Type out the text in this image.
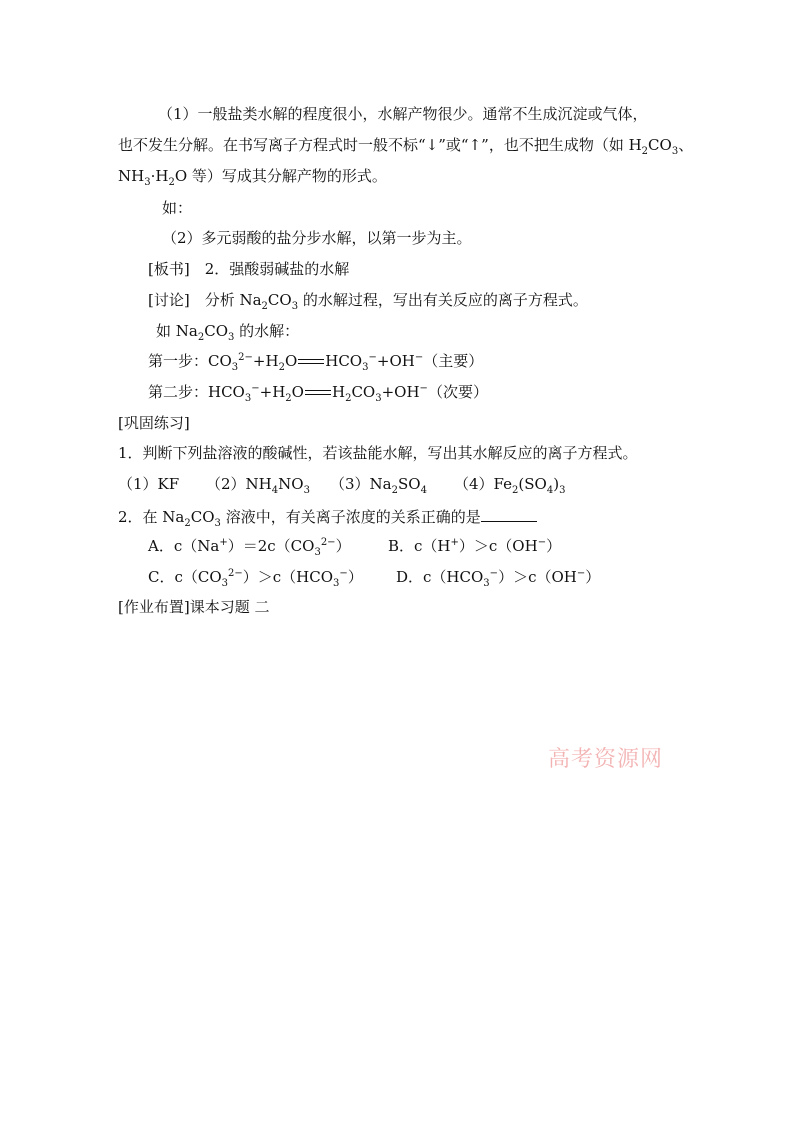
（1）一般盐类水解的程度很小，水解产物很少。通常不生成沉淀或气体，
也不发生分解。在书写离子方程式时一般不标“↓”或“↑”，也不把生成物（如 $H_2CO_3$、
$NH_3\cdot H_2O$ 等）写成其分解产物的形式。
如：
（2）多元弱酸的盐分步水解，以第一步为主。
[板书]　2．强酸弱碱盐的水解
[讨论]　分析 $Na_2CO_3$ 的水解过程，写出有关反应的离子方程式。
如 $Na_2CO_3$ 的水解：
第一步：$CO_3^{2-}+H_2O$ $HCO_3^-+OH^-$（主要）
第二步：$HCO_3^-+H_2O$ $H_2CO_3+OH^-$（次要）
[巩固练习]
1．判断下列盐溶液的酸碱性，若该盐能水解，写出其水解反应的离子方程式。
（1）KF $(2)NH_4NO_3$ $(3)Na_2SO_4$ $(4)Fe_2(SO_4)_3$
2．在 $Na_2CO_3$ 溶液中，有关离子浓度的关系正确的是
A．$c(Na^+)=2c(CO_3^{2-})$ B．c（H+）＞c（OH−）
C．$c(CO_3^{2-})>c(HCO_3^-)$ D．$c(HCO_3^-)>c(OH^-)$
[作业布置]课本习题 二
高考资源网
